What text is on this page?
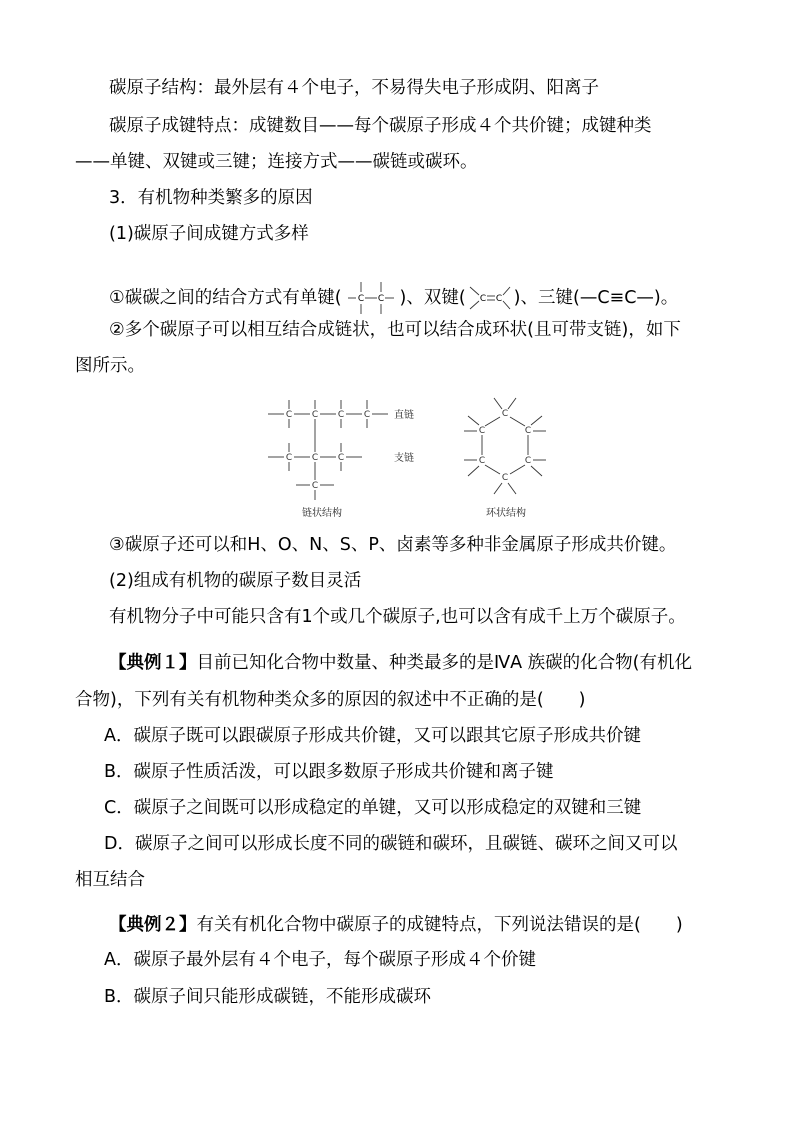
碳原子结构：最外层有４个电子，不易得失电子形成阴、阳离子
碳原子成键特点：成键数目——每个碳原子形成４个共价键；成键种类
——单键、双键或三键；连接方式——碳链或碳环。
3．有机物种类繁多的原因
(1)碳原子间成键方式多样
①碳碳之间的结合方式有单键( C C )、双键( C C )、三键(—C≡C—)。
②多个碳原子可以相互结合成链状，也可以结合成环状(且可带支链)，如下
图所示。
C C C C
C C C
C
直链
支链
链状结构
C
C
C
C
C
C
环状结构
③碳原子还可以和H、O、N、S、P、卤素等多种非金属原子形成共价键。
(2)组成有机物的碳原子数目灵活
有机物分子中可能只含有1个或几个碳原子,也可以含有成千上万个碳原子。
【典例１】目前已知化合物中数量、种类最多的是ⅣA 族碳的化合物(有机化
合物)，下列有关有机物种类众多的原因的叙述中不正确的是(　　)
A．碳原子既可以跟碳原子形成共价键，又可以跟其它原子形成共价键
B．碳原子性质活泼，可以跟多数原子形成共价键和离子键
C．碳原子之间既可以形成稳定的单键，又可以形成稳定的双键和三键
D．碳原子之间可以形成长度不同的碳链和碳环，且碳链、碳环之间又可以
相互结合
【典例２】有关有机化合物中碳原子的成键特点，下列说法错误的是(　　)
A．碳原子最外层有４个电子，每个碳原子形成４个价键
B．碳原子间只能形成碳链，不能形成碳环
